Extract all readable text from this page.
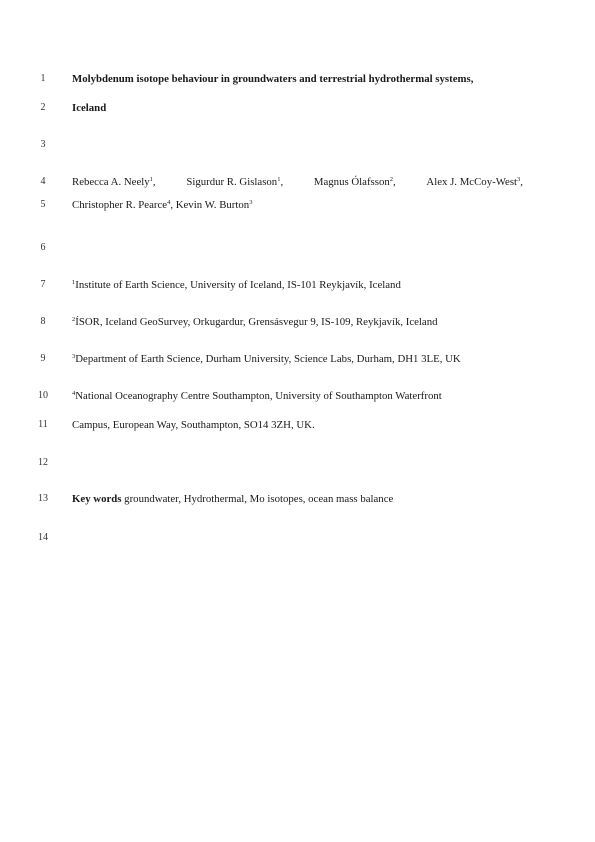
1	Molybdenum isotope behaviour in groundwaters and terrestrial hydrothermal systems,
2	Iceland
3
4	Rebecca A. Neely$^1$,	Sigurdur R. Gislason$^1$,	Magnus Ólafsson$^2$,	Alex J. McCoy-West$^3$,
5	Christopher R. Pearce$^4$, Kevin W. Burton$^3$
6
7	$^1$Institute of Earth Science, University of Iceland, IS-101 Reykjavík, Iceland
8	$^2$ÍSOR, Iceland GeoSurvey, Orkugardur, Grensásvegur 9, IS-109, Reykjavík, Iceland
9	$^3$Department of Earth Science, Durham University, Science Labs, Durham, DH1 3LE, UK
10	$^4$National Oceanography Centre Southampton, University of Southampton Waterfront
11	Campus, European Way, Southampton, SO14 3ZH, UK.
12
13	Key words groundwater, Hydrothermal, Mo isotopes, ocean mass balance
14
